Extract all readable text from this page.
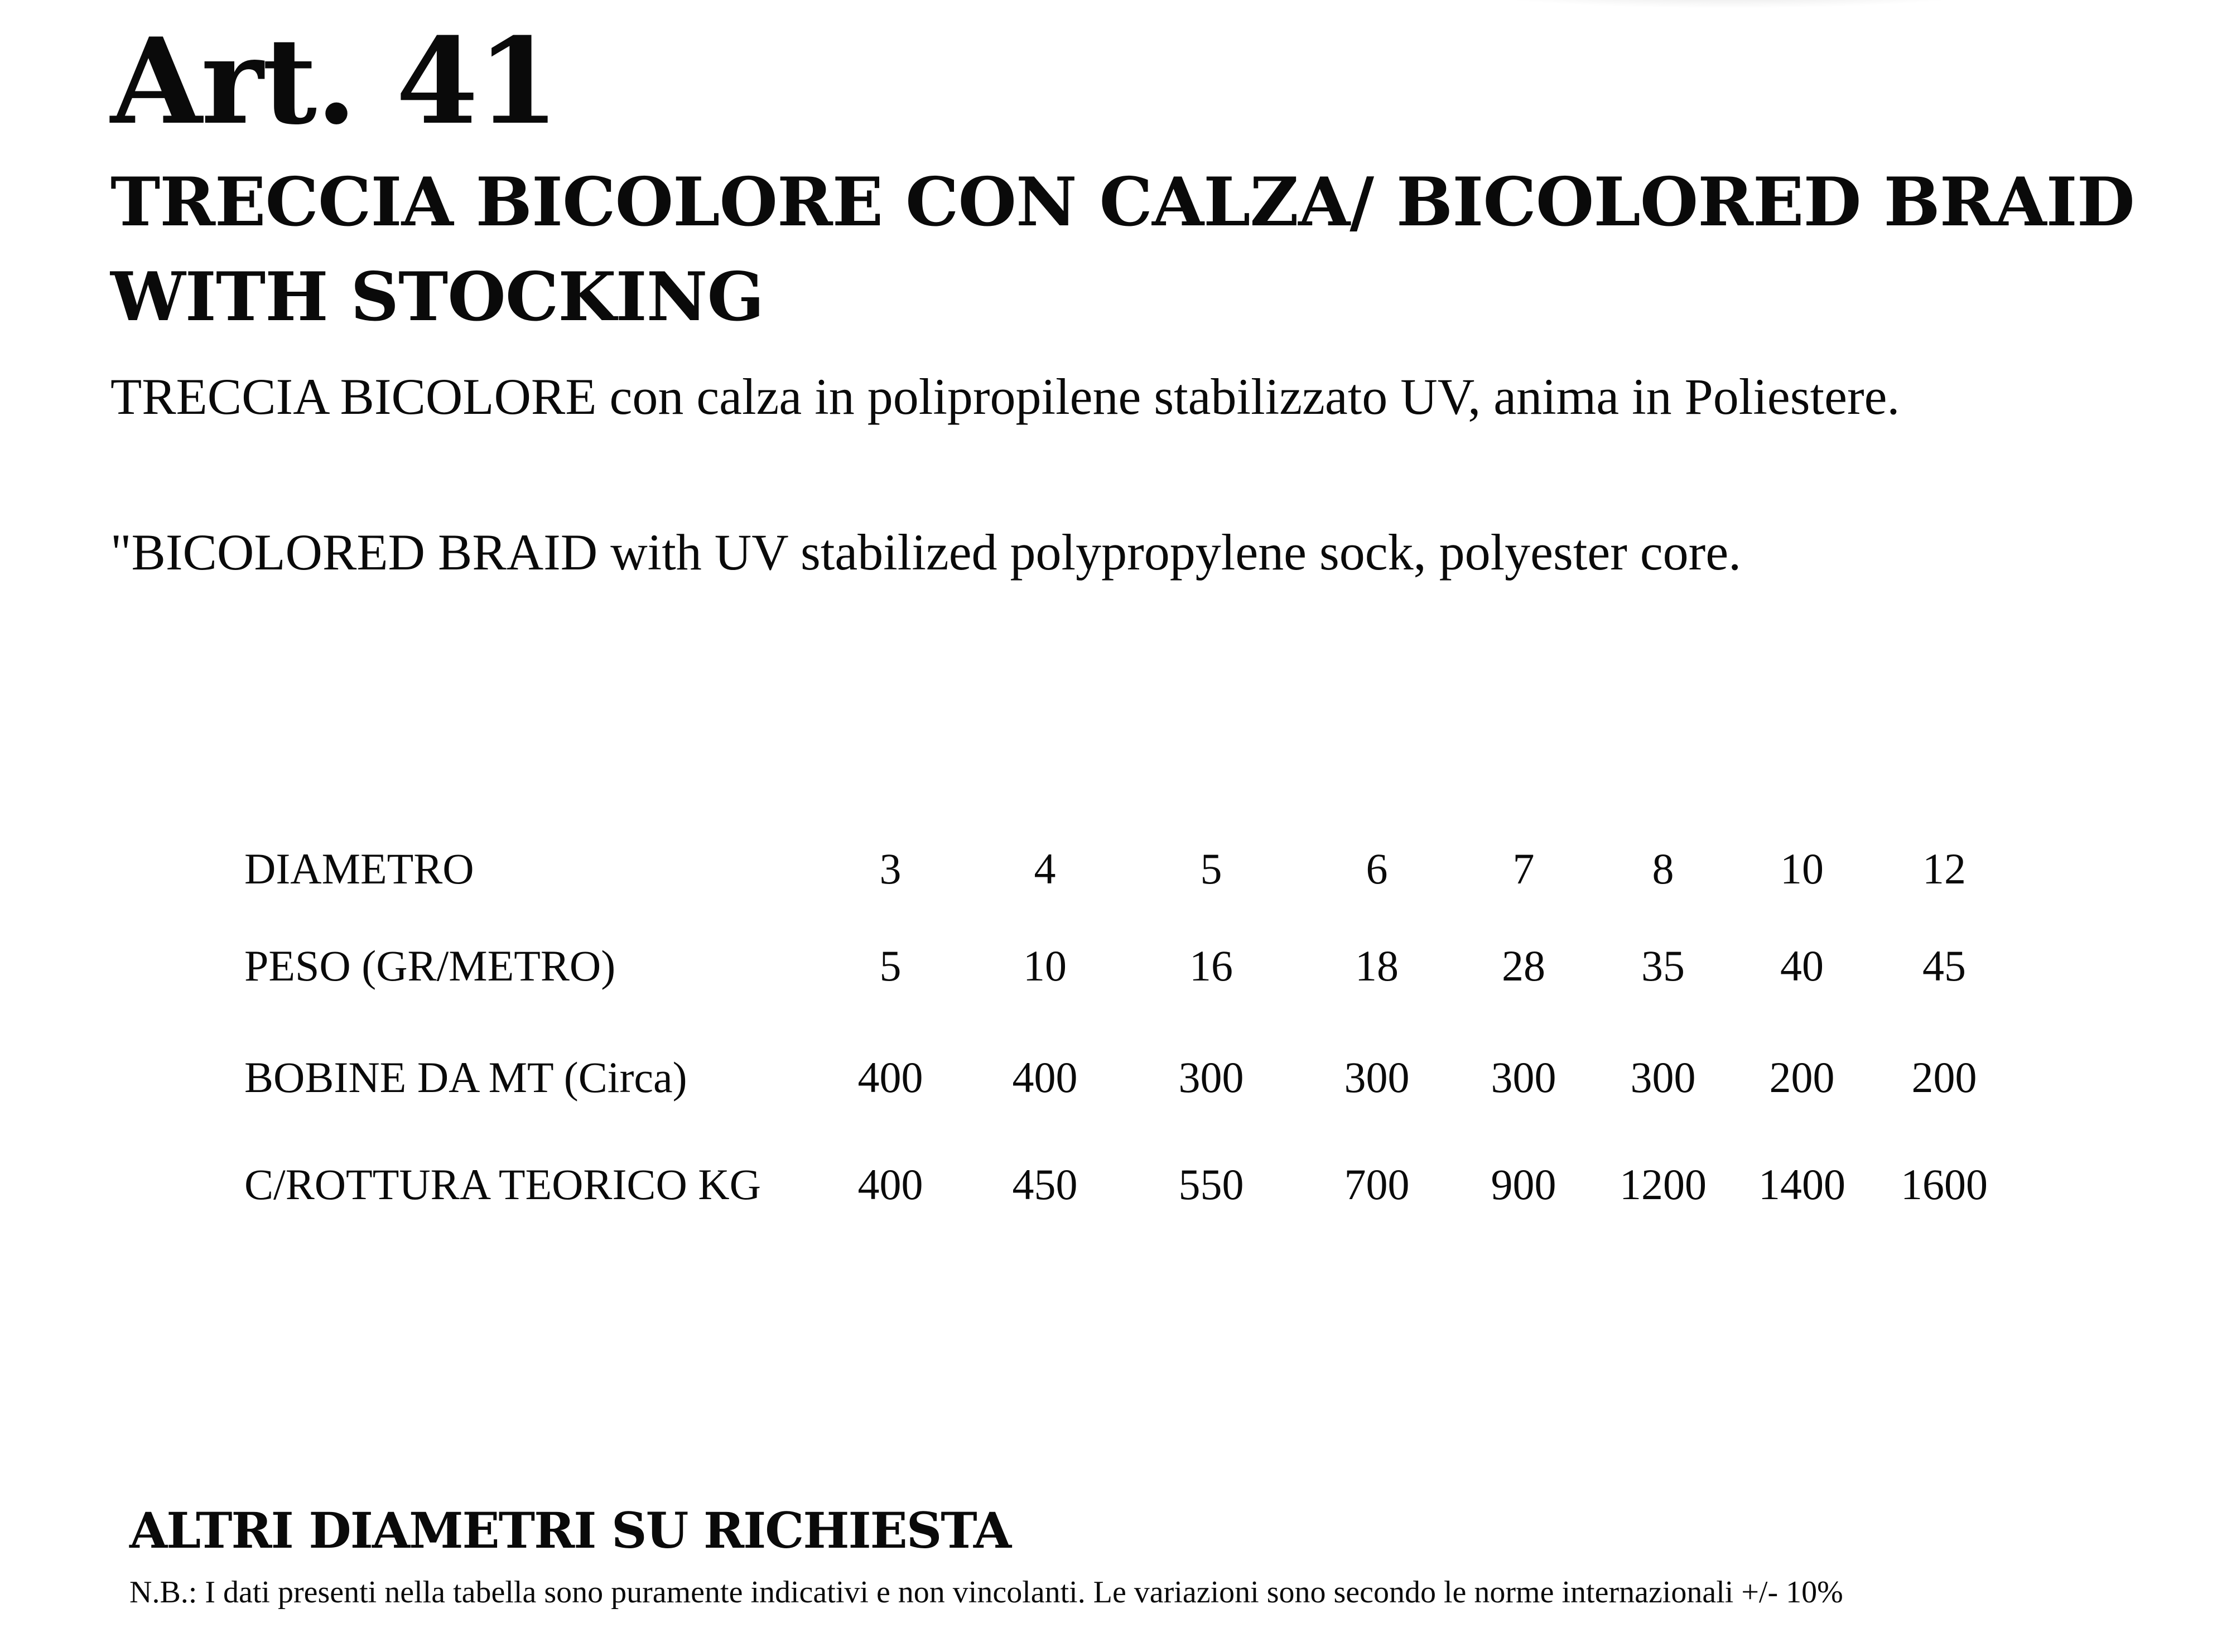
Art. 41
TRECCIA BICOLORE CON CALZA/ BICOLORED BRAID WITH STOCKING

TRECCIA BICOLORE con calza in polipropilene stabilizzato UV, anima in Poliestere.

"BICOLORED BRAID with UV stabilized polypropylene sock, polyester core.

DIAMETRO	3	4	5	6	7	8	10	12
PESO (GR/METRO)	5	10	16	18	28	35	40	45
BOBINE DA MT (Circa)	400	400	300	300	300	300	200	200
C/ROTTURA TEORICO KG	400	450	550	700	900	1200	1400	1600
ALTRI DIAMETRI SU RICHIESTA

N.B.: I dati presenti nella tabella sono puramente indicativi e non vincolanti. Le variazioni sono secondo le norme internazionali +/- 10%
